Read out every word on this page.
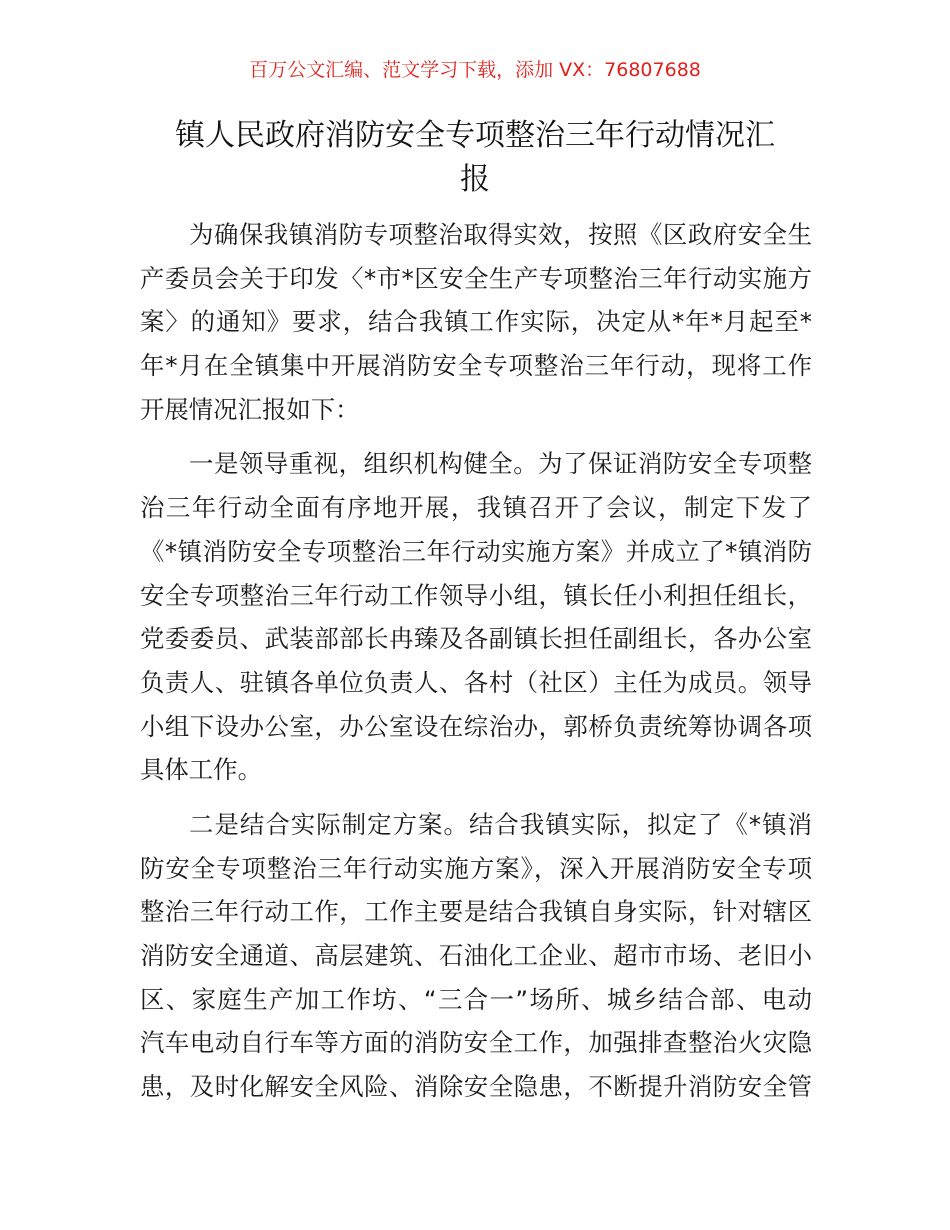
百万公文汇编、范文学习下载，添加 VX：76807688
镇人民政府消防安全专项整治三年行动情况汇
报
为确保我镇消防专项整治取得实效，按照《区政府安全生
产委员会关于印发〈*市*区安全生产专项整治三年行动实施方
案〉的通知》要求，结合我镇工作实际，决定从*年*月起至*
年*月在全镇集中开展消防安全专项整治三年行动，现将工作
开展情况汇报如下：
一是领导重视，组织机构健全。为了保证消防安全专项整
治三年行动全面有序地开展，我镇召开了会议，制定下发了
《*镇消防安全专项整治三年行动实施方案》并成立了*镇消防
安全专项整治三年行动工作领导小组，镇长任小利担任组长，
党委委员、武装部部长冉臻及各副镇长担任副组长，各办公室
负责人、驻镇各单位负责人、各村（社区）主任为成员。领导
小组下设办公室，办公室设在综治办，郭桥负责统筹协调各项
具体工作。
二是结合实际制定方案。结合我镇实际，拟定了《*镇消
防安全专项整治三年行动实施方案》，深入开展消防安全专项
整治三年行动工作，工作主要是结合我镇自身实际，针对辖区
消防安全通道、高层建筑、石油化工企业、超市市场、老旧小
区、家庭生产加工作坊、“三合一”场所、城乡结合部、电动
汽车电动自行车等方面的消防安全工作，加强排查整治火灾隐
患，及时化解安全风险、消除安全隐患，不断提升消防安全管
